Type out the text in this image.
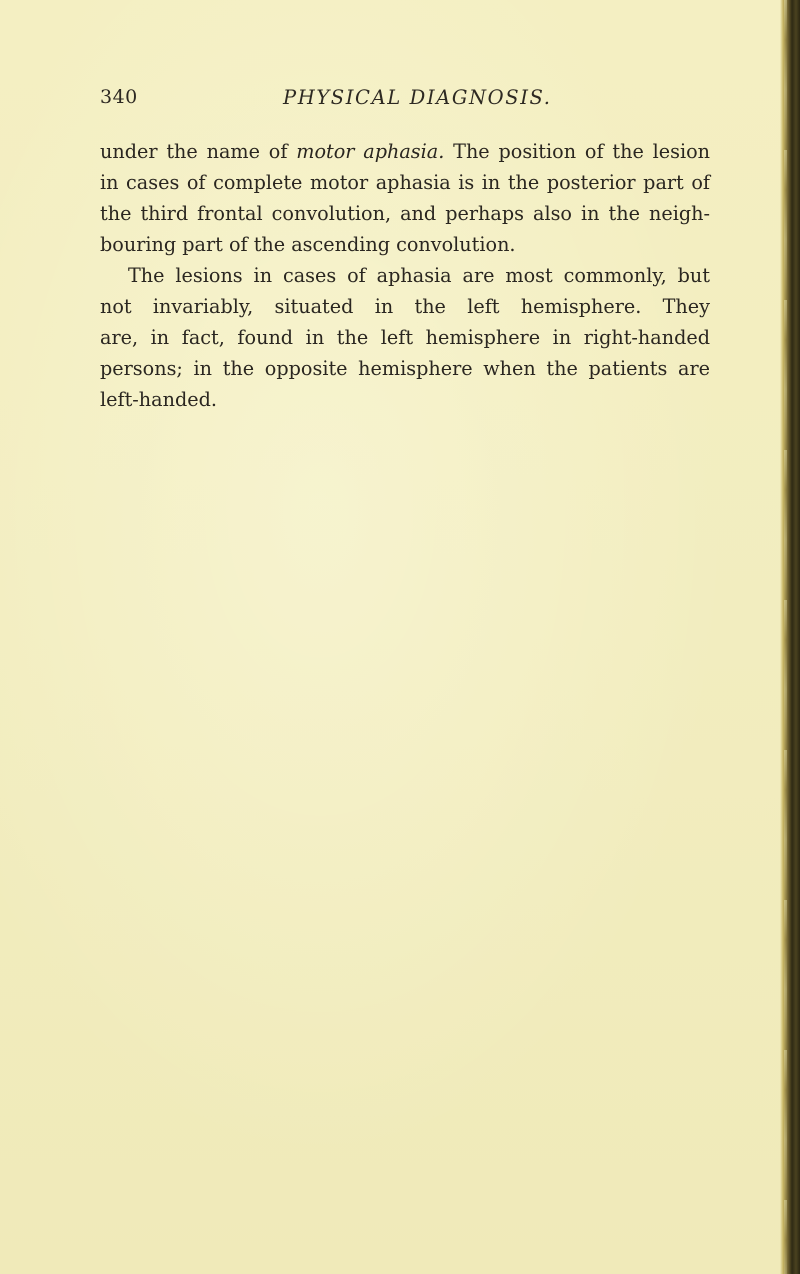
340	PHYSICAL DIAGNOSIS.
under the name of motor aphasia. The position of the lesion
in cases of complete motor aphasia is in the posterior part of
the third frontal convolution, and perhaps also in the neigh-
bouring part of the ascending convolution.
The lesions in cases of aphasia are most commonly, but
not invariably, situated in the left hemisphere. They
are, in fact, found in the left hemisphere in right-handed
persons; in the opposite hemisphere when the patients are
left-handed.
